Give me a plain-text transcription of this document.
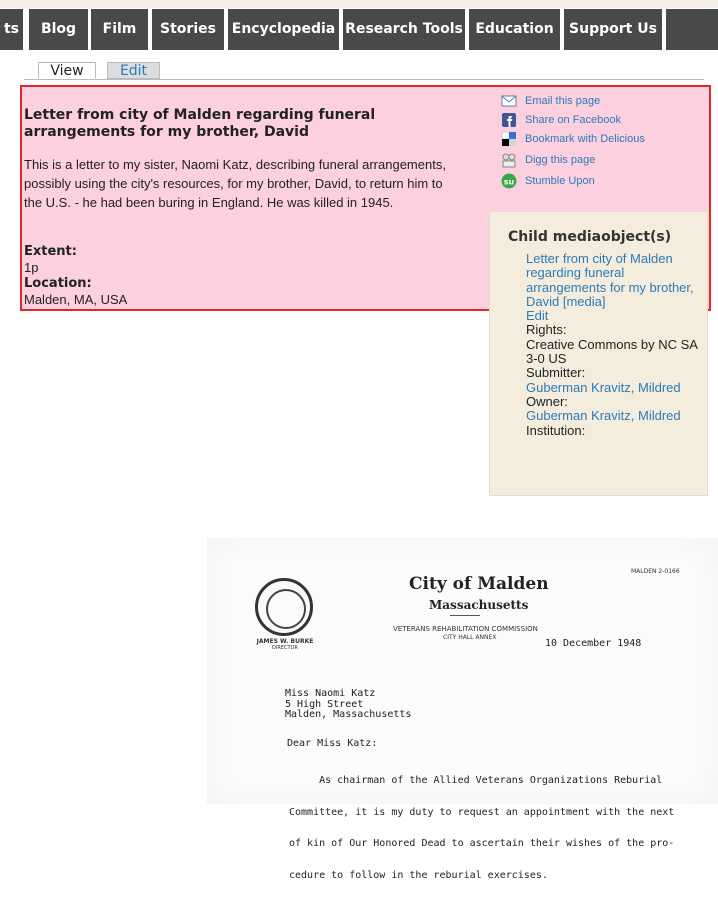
ts	Blog	Film	Stories	Encyclopedia Research Tools Education	Support Us
View	Edit
Letter from city of Malden regarding funeral arrangements for my brother, David
This is a letter to my sister, Naomi Katz, describing funeral arrangements, possibly using the city's resources, for my brother, David, to return him to the U.S. - he had been buring in England. He was killed in 1945.
Extent:
1p
Location:
Malden, MA, USA
Email this page
Share on Facebook
Bookmark with Delicious
Digg this page
su Stumble Upon
Child mediaobject(s)
Letter from city of Malden regarding funeral arrangements for my brother, David [media]
Edit
Rights:
Creative Commons by NC SA 3-0 US
Submitter:
Guberman Kravitz, Mildred
Owner:
Guberman Kravitz, Mildred
Institution:
JAMES W. BURKE
DIRECTOR
City of Malden
Massachusetts
MALDEN 2-0166
VETERANS REHABILITATION COMMISSION
CITY HALL ANNEX
10 December 1948
Miss Naomi Katz
5 High Street
Malden, Massachusetts
Dear Miss Katz:

As chairman of the Allied Veterans Organizations Reburial

Committee, it is my duty to request an appointment with the next

of kin of Our Honored Dead to ascertain their wishes of the pro-

cedure to follow in the reburial exercises.
